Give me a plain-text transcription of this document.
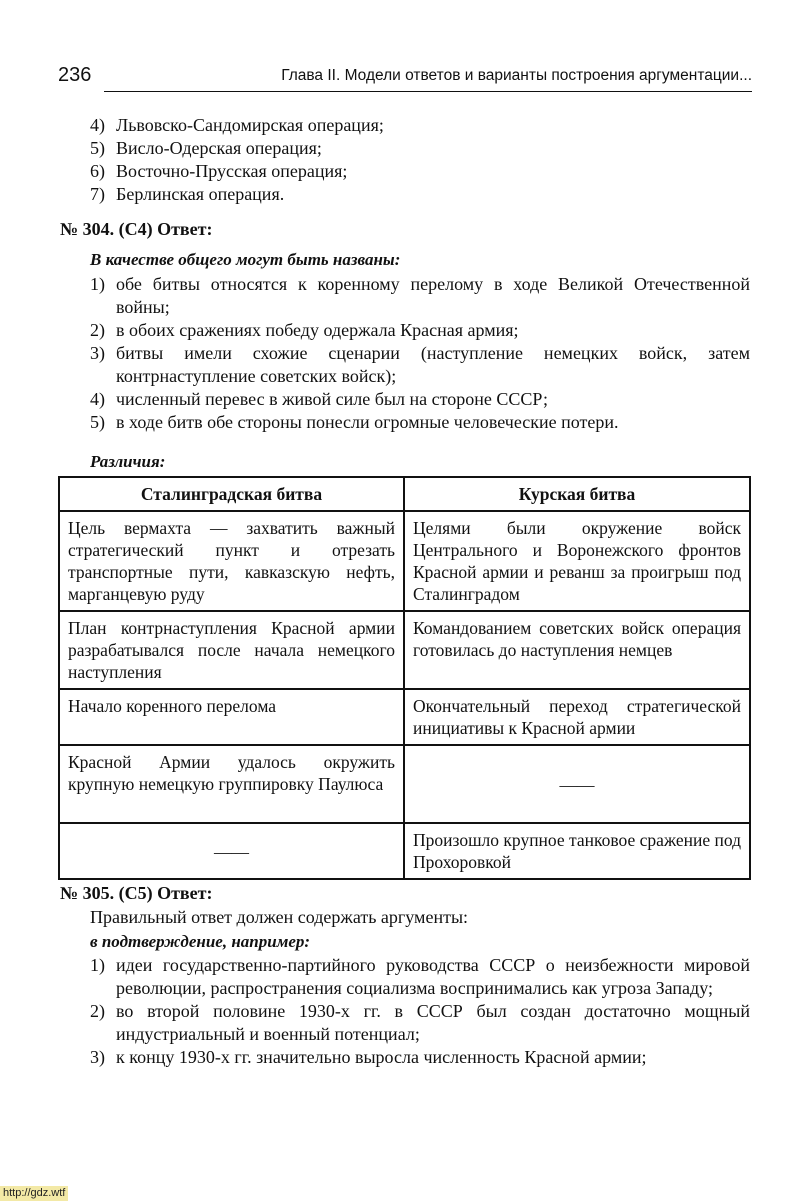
236	Глава II. Модели ответов и варианты построения аргументации...
4) Львовско-Сандомирская операция;
5) Висло-Одерская операция;
6) Восточно-Прусская операция;
7) Берлинская операция.
№ 304. (С4) Ответ:
В качестве общего могут быть названы:
1) обе битвы относятся к коренному перелому в ходе Великой Отечественной войны;
2) в обоих сражениях победу одержала Красная армия;
3) битвы имели схожие сценарии (наступление немецких войск, затем контрнаступление советских войск);
4) численный перевес в живой силе был на стороне СССР;
5) в ходе битв обе стороны понесли огромные человеческие потери.
Различия:
Сталинградская битва	Курская битва
Цель вермахта — захватить важный стратегический пункт и отрезать транспортные пути, кавказскую нефть, марганцевую руду	Целями были окружение войск Центрального и Воронежского фронтов Красной армии и реванш за проигрыш под Сталинградом
План контрнаступления Красной армии разрабатывался после начала немецкого наступления	Командованием советских войск операция готовилась до наступления немцев
Начало коренного перелома	Окончательный переход стратегической инициативы к Красной армии
Красной Армии удалось окружить крупную немецкую группировку Паулюса	——
——	Произошло крупное танковое сражение под Прохоровкой
№ 305. (С5) Ответ:
Правильный ответ должен содержать аргументы:
в подтверждение, например:
1) идеи государственно-партийного руководства СССР о неизбежности мировой революции, распространения социализма воспринимались как угроза Западу;
2) во второй половине 1930-х гг. в СССР был создан достаточно мощный индустриальный и военный потенциал;
3) к концу 1930-х гг. значительно выросла численность Красной армии;
http://gdz.wtf
